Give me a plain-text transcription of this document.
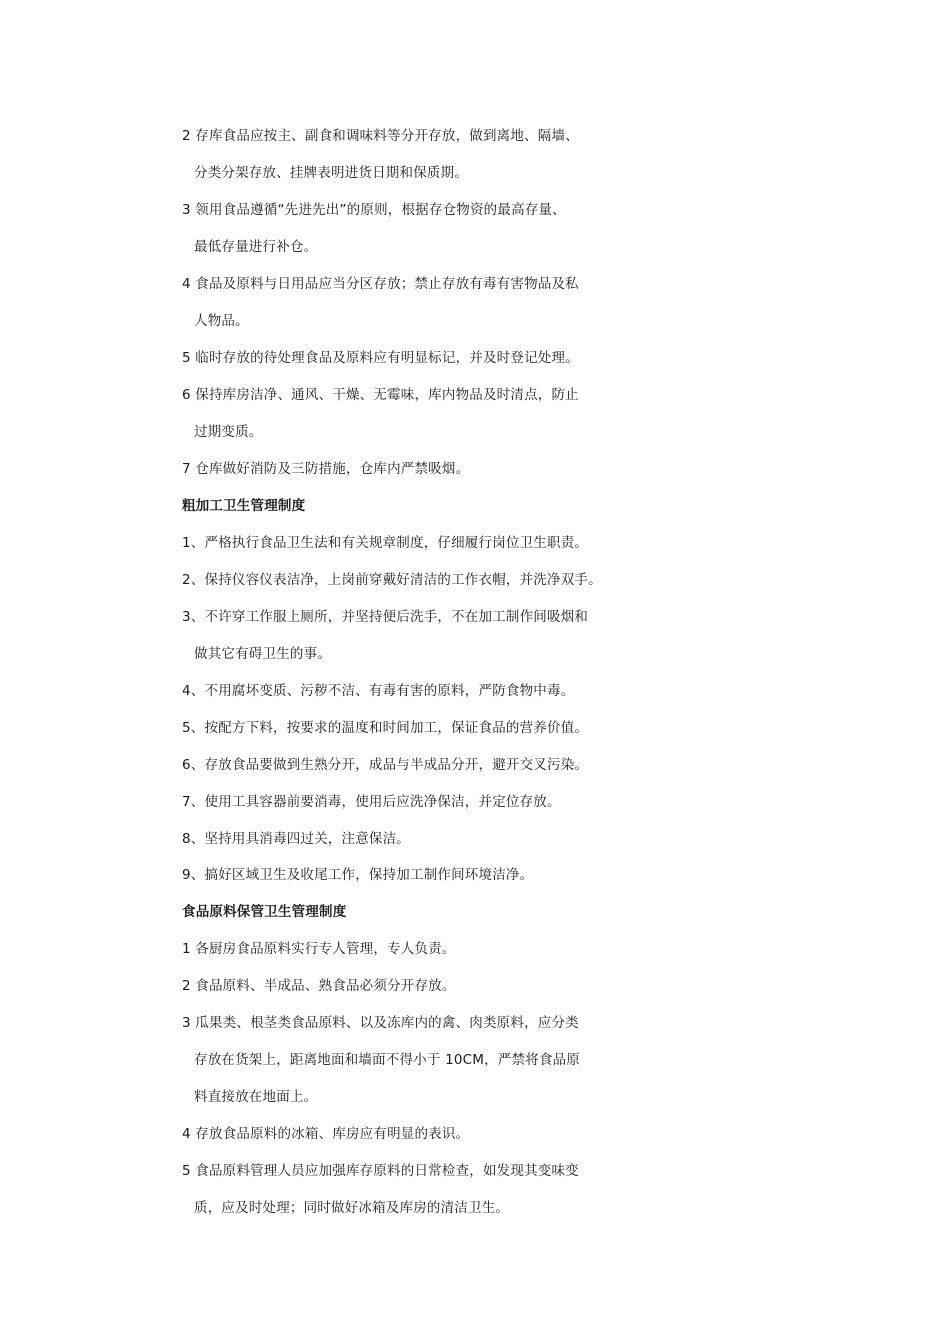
2 存库食品应按主、副食和调味料等分开存放，做到离地、隔墙、
分类分架存放、挂牌表明进货日期和保质期。
3 领用食品遵循“先进先出”的原则，根据存仓物资的最高存量、
最低存量进行补仓。
4 食品及原料与日用品应当分区存放；禁止存放有毒有害物品及私
人物品。
5 临时存放的待处理食品及原料应有明显标记，并及时登记处理。
6 保持库房洁净、通风、干燥、无霉味，库内物品及时清点，防止
过期变质。
7 仓库做好消防及三防措施，仓库内严禁吸烟。
粗加工卫生管理制度
1、严格执行食品卫生法和有关规章制度，仔细履行岗位卫生职责。
2、保持仪容仪表洁净，上岗前穿戴好清洁的工作衣帽，并洗净双手。
3、不许穿工作服上厕所，并坚持便后洗手，不在加工制作间吸烟和
做其它有碍卫生的事。
4、不用腐坏变质、污秽不洁、有毒有害的原料，严防食物中毒。
5、按配方下料，按要求的温度和时间加工，保证食品的营养价值。
6、存放食品要做到生熟分开，成品与半成品分开，避开交叉污染。
7、使用工具容器前要消毒，使用后应洗净保洁，并定位存放。
8、坚持用具消毒四过关，注意保洁。
9、搞好区域卫生及收尾工作，保持加工制作间环境洁净。
食品原料保管卫生管理制度
1 各厨房食品原料实行专人管理，专人负责。
2 食品原料、半成品、熟食品必须分开存放。
3 瓜果类、根茎类食品原料、以及冻库内的禽、肉类原料，应分类
存放在货架上，距离地面和墙面不得小于 10CM，严禁将食品原
料直接放在地面上。
4 存放食品原料的冰箱、库房应有明显的表识。
5 食品原料管理人员应加强库存原料的日常检查，如发现其变味变
质，应及时处理；同时做好冰箱及库房的清洁卫生。
